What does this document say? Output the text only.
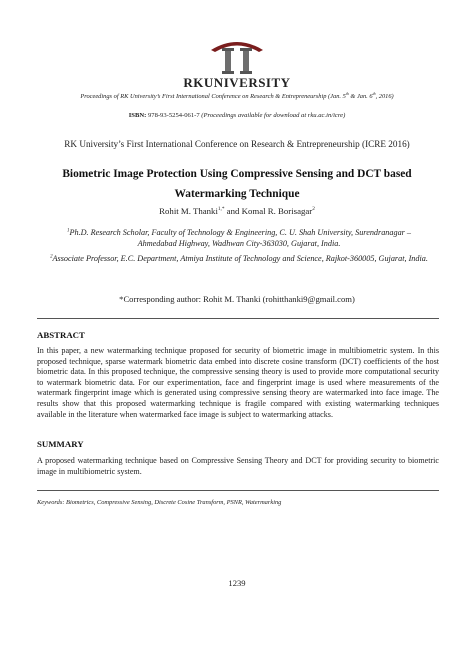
RKUNIVERSITY
Proceedings of RK University’s First International Conference on Research & Entrepreneurship (Jan. 5th & Jan. 6th, 2016)
ISBN: 978-93-5254-061-7 (Proceedings available for download at rku.ac.in/icre)
RK University’s First International Conference on Research & Entrepreneurship (ICRE 2016)
Biometric Image Protection Using Compressive Sensing and DCT based
Watermarking Technique
Rohit M. Thanki$^{1,*}$ and Komal R. Borisagar$^2$
$^1$Ph.D. Research Scholar, Faculty of Technology & Engineering, C. U. Shah University, Surendranagar – Ahmedabad Highway, Wadhwan City-363030, Gujarat, India.
$^2$Associate Professor, E.C. Department, Atmiya Institute of Technology and Science, Rajkot-360005, Gujarat, India.
*Corresponding author: Rohit M. Thanki (rohitthanki9@gmail.com)
ABSTRACT
In this paper, a new watermarking technique proposed for security of biometric image in multibiometric system. In this proposed technique, sparse watermark biometric data embed into discrete cosine transform (DCT) coefficients of the host biometric data. In this proposed technique, the compressive sensing theory is used to provide more computational security to watermark biometric data. For our experimentation, face and fingerprint image is used where measurements of the watermark fingerprint image which is generated using compressive sensing theory are watermarked into face image. The results show that this proposed watermarking technique is fragile compared with existing watermarking techniques available in the literature when watermarked face image is subject to watermarking attacks.
SUMMARY
A proposed watermarking technique based on Compressive Sensing Theory and DCT for providing security to biometric image in multibiometric system.
Keywords: Biometrics, Compressive Sensing, Discrete Cosine Transform, PSNR, Watermarking
1239
